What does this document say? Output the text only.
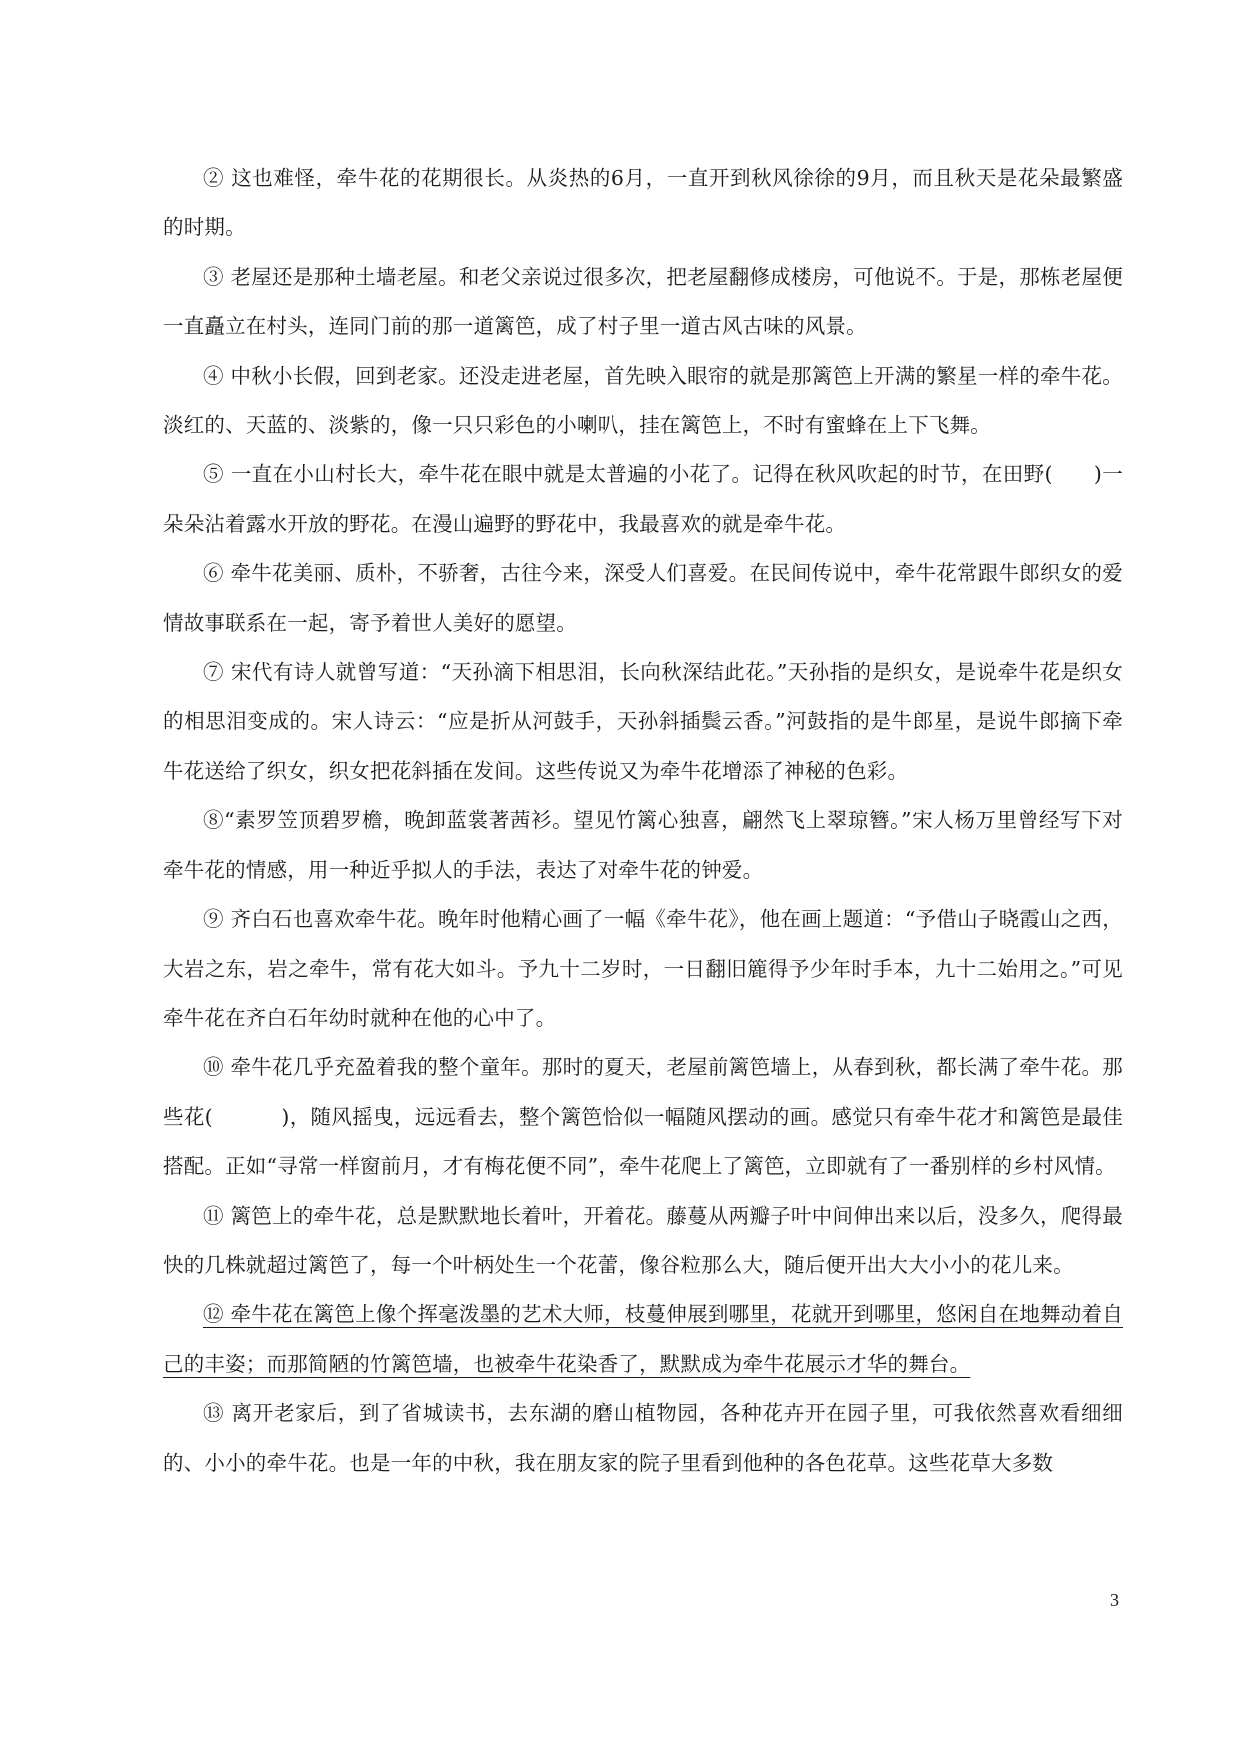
② 这也难怪，牵牛花的花期很长。从炎热的6月，一直开到秋风徐徐的9月，而且秋天是花朵最繁盛的时期。

③ 老屋还是那种土墙老屋。和老父亲说过很多次，把老屋翻修成楼房，可他说不。于是，那栋老屋便一直矗立在村头，连同门前的那一道篱笆，成了村子里一道古风古味的风景。

④ 中秋小长假，回到老家。还没走进老屋，首先映入眼帘的就是那篱笆上开满的繁星一样的牵牛花。淡红的、天蓝的、淡紫的，像一只只彩色的小喇叭，挂在篱笆上，不时有蜜蜂在上下飞舞。

⑤ 一直在小山村长大，牵牛花在眼中就是太普遍的小花了。记得在秋风吹起的时节，在田野(      )一朵朵沾着露水开放的野花。在漫山遍野的野花中，我最喜欢的就是牵牛花。

⑥ 牵牛花美丽、质朴，不骄奢，古往今来，深受人们喜爱。在民间传说中，牵牛花常跟牛郎织女的爱情故事联系在一起，寄予着世人美好的愿望。

⑦ 宋代有诗人就曾写道：“天孙滴下相思泪，长向秋深结此花。”天孙指的是织女，是说牵牛花是织女的相思泪变成的。宋人诗云：“应是折从河鼓手，天孙斜插鬓云香。”河鼓指的是牛郎星，是说牛郎摘下牵牛花送给了织女，织女把花斜插在发间。这些传说又为牵牛花增添了神秘的色彩。

⑧“素罗笠顶碧罗檐，晚卸蓝裳著茜衫。望见竹篱心独喜，翩然飞上翠琼簪。”宋人杨万里曾经写下对牵牛花的情感，用一种近乎拟人的手法，表达了对牵牛花的钟爱。

⑨ 齐白石也喜欢牵牛花。晚年时他精心画了一幅《牵牛花》，他在画上题道：“予借山子晓霞山之西，大岩之东，岩之牵牛，常有花大如斗。予九十二岁时，一日翻旧簏得予少年时手本，九十二始用之。”可见牵牛花在齐白石年幼时就种在他的心中了。

⑩ 牵牛花几乎充盈着我的整个童年。那时的夏天，老屋前篱笆墙上，从春到秋，都长满了牵牛花。那些花(          )，随风摇曳，远远看去，整个篱笆恰似一幅随风摆动的画。感觉只有牵牛花才和篱笆是最佳搭配。正如“寻常一样窗前月，才有梅花便不同”，牵牛花爬上了篱笆，立即就有了一番别样的乡村风情。

⑪ 篱笆上的牵牛花，总是默默地长着叶，开着花。藤蔓从两瓣子叶中间伸出来以后，没多久，爬得最快的几株就超过篱笆了，每一个叶柄处生一个花蕾，像谷粒那么大，随后便开出大大小小的花儿来。

⑫ 牵牛花在篱笆上像个挥毫泼墨的艺术大师，枝蔓伸展到哪里，花就开到哪里，悠闲自在地舞动着自己的丰姿；而那简陋的竹篱笆墙，也被牵牛花染香了，默默成为牵牛花展示才华的舞台。

⑬ 离开老家后，到了省城读书，去东湖的磨山植物园，各种花卉开在园子里，可我依然喜欢看细细的、小小的牵牛花。也是一年的中秋，我在朋友家的院子里看到他种的各色花草。这些花草大多数

3
